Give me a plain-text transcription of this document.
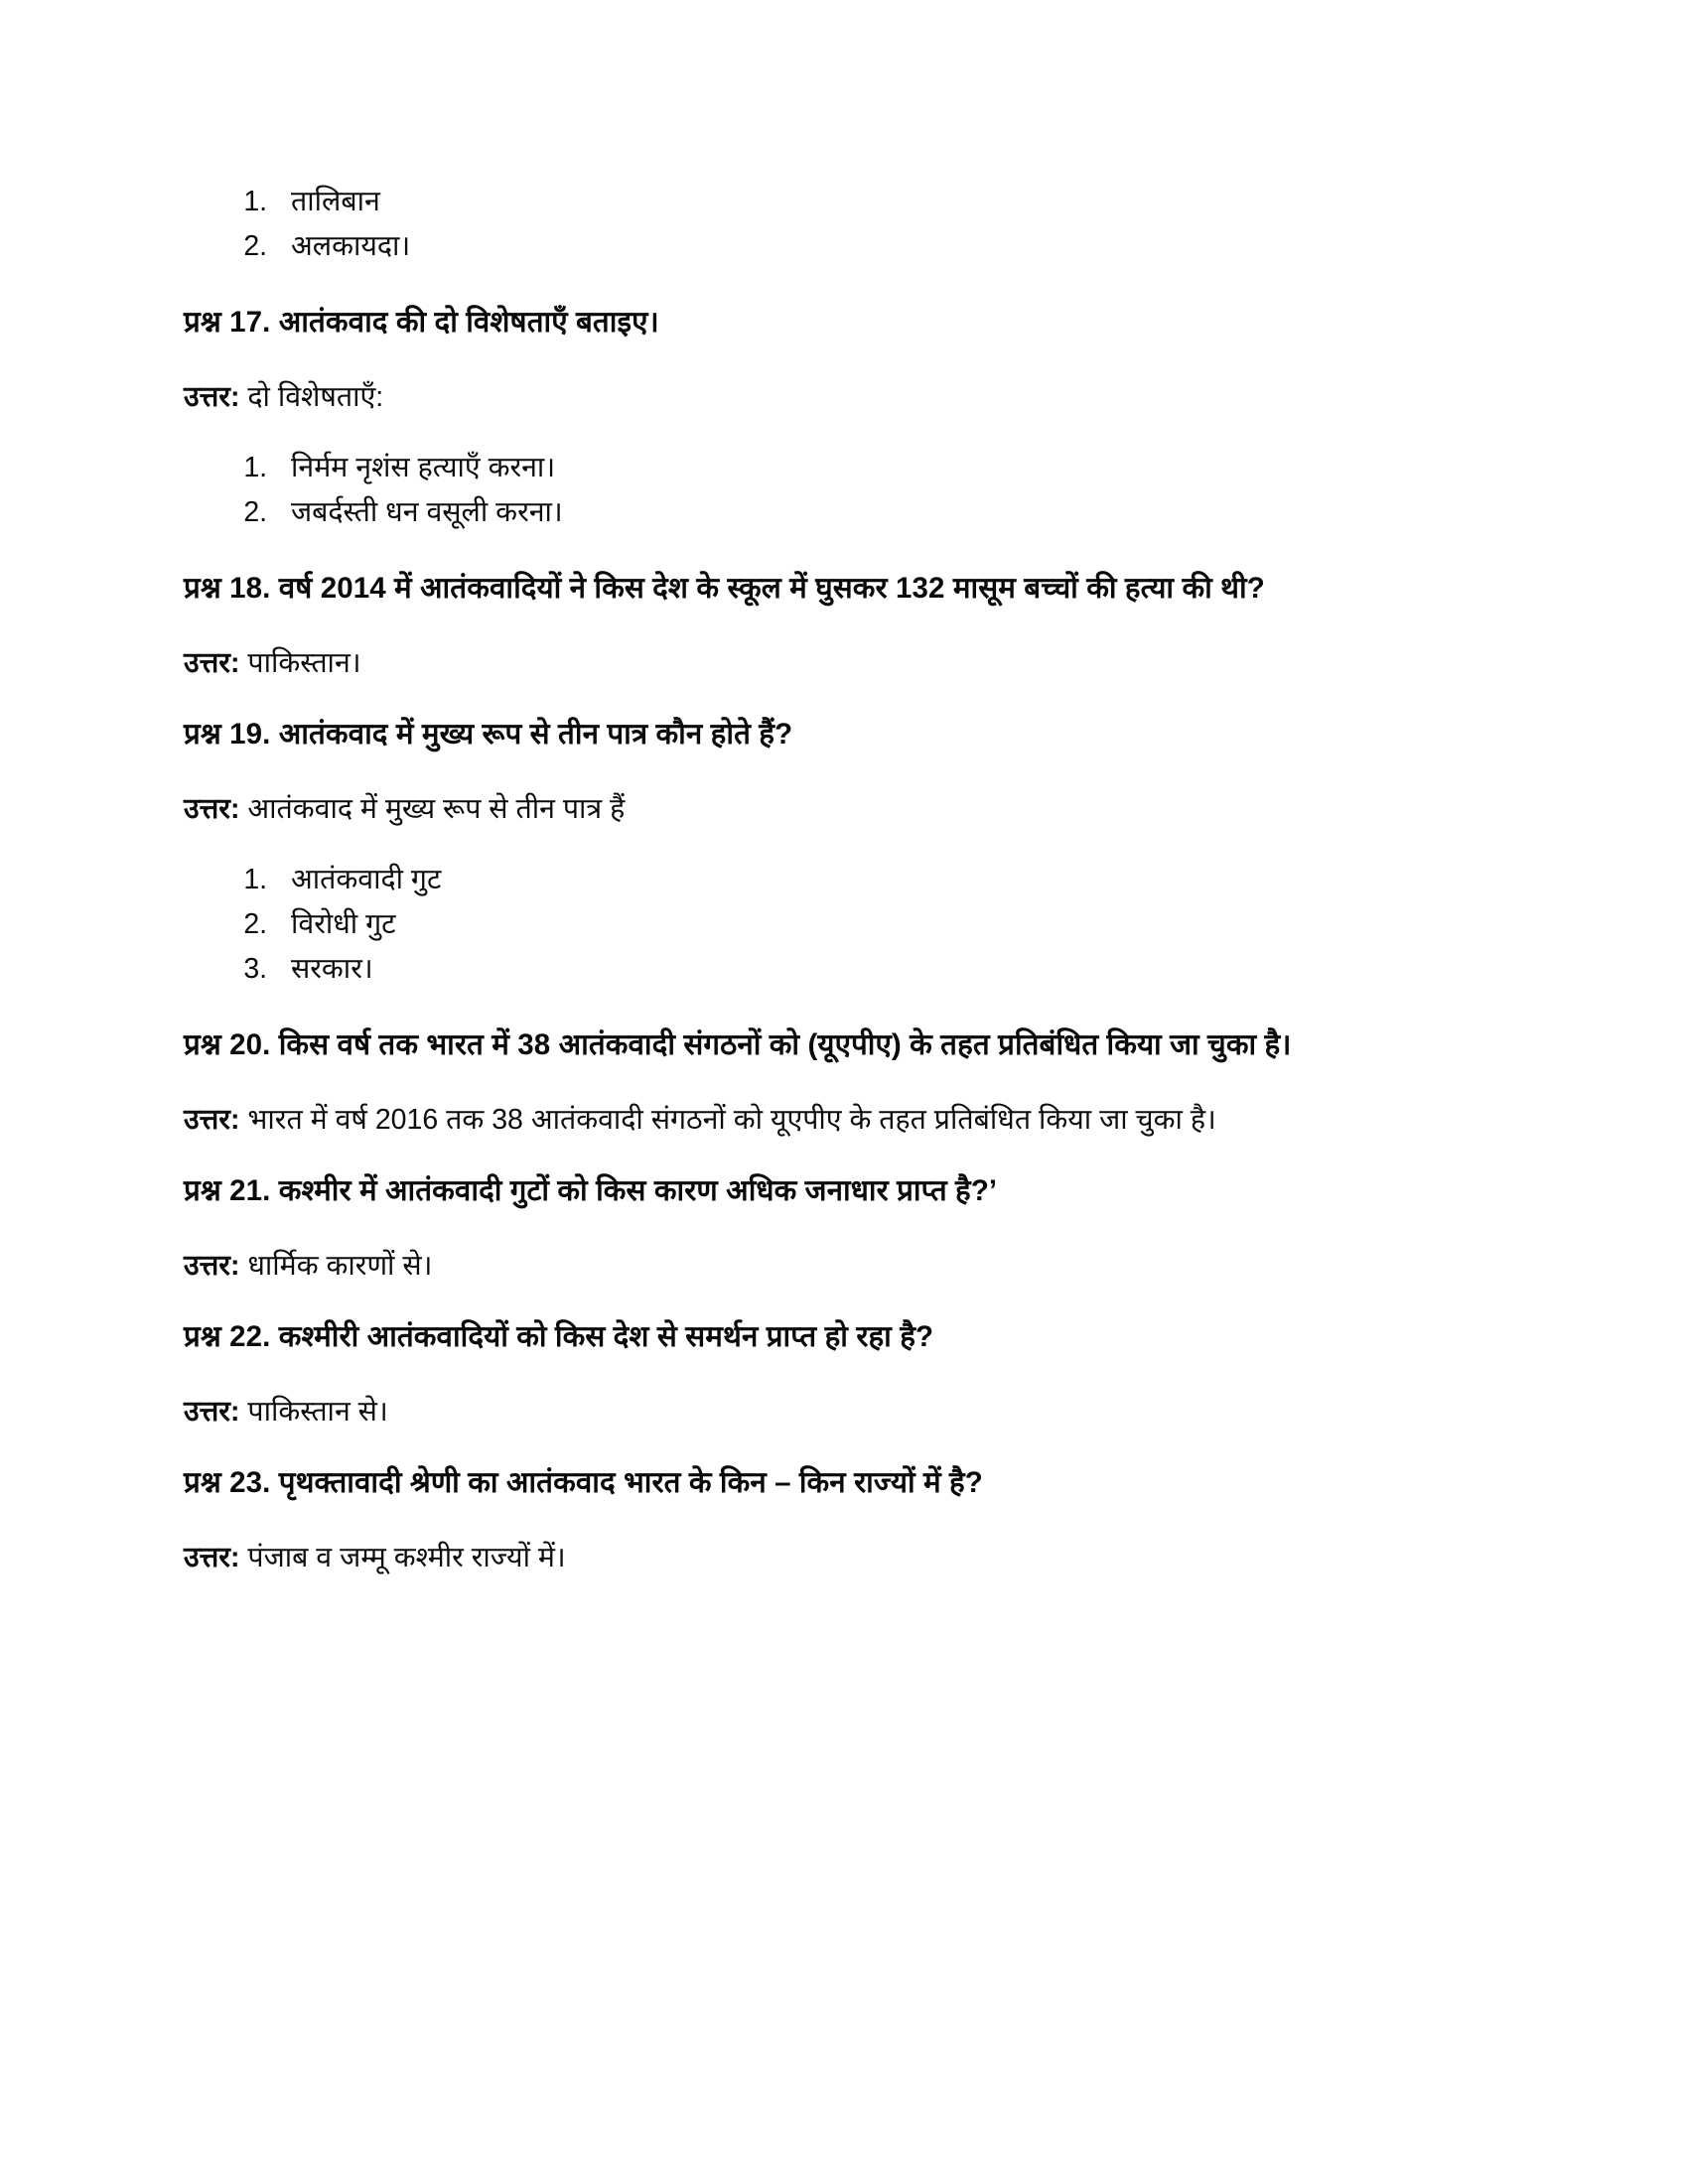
1. तालिबान
2. अलकायदा।

प्रश्न 17. आतंकवाद की दो विशेषताएँ बताइए।

उत्तर: दो विशेषताएँ:

1. निर्मम नृशंस हत्याएँ करना।
2. जबर्दस्ती धन वसूली करना।

प्रश्न 18. वर्ष 2014 में आतंकवादियों ने किस देश के स्कूल में घुसकर 132 मासूम बच्चों की हत्या की थी?

उत्तर: पाकिस्तान।

प्रश्न 19. आतंकवाद में मुख्य रूप से तीन पात्र कौन होते हैं?

उत्तर: आतंकवाद में मुख्य रूप से तीन पात्र हैं

1. आतंकवादी गुट
2. विरोधी गुट
3. सरकार।

प्रश्न 20. किस वर्ष तक भारत में 38 आतंकवादी संगठनों को (यूएपीए) के तहत प्रतिबंधित किया जा चुका है।

उत्तर: भारत में वर्ष 2016 तक 38 आतंकवादी संगठनों को यूएपीए के तहत प्रतिबंधित किया जा चुका है।

प्रश्न 21. कश्मीर में आतंकवादी गुटों को किस कारण अधिक जनाधार प्राप्त है?’

उत्तर: धार्मिक कारणों से।

प्रश्न 22. कश्मीरी आतंकवादियों को किस देश से समर्थन प्राप्त हो रहा है?

उत्तर: पाकिस्तान से।

प्रश्न 23. पृथक्तावादी श्रेणी का आतंकवाद भारत के किन – किन राज्यों में है?

उत्तर: पंजाब व जम्मू कश्मीर राज्यों में।
